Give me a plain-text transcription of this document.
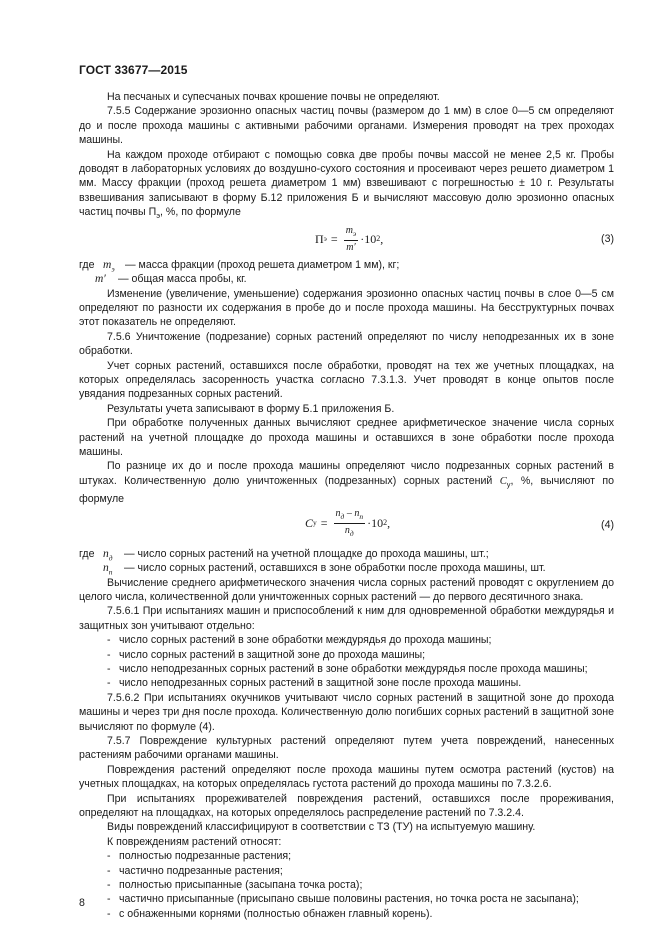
ГОСТ 33677—2015

На песчаных и супесчаных почвах крошение почвы не определяют.

7.5.5 Содержание эрозионно опасных частиц почвы (размером до 1 мм) в слое 0—5 см определяют до и после прохода машины с активными рабочими органами. Измерения проводят на трех проходах машины.

На каждом проходе отбирают с помощью совка две пробы почвы массой не менее 2,5 кг. Пробы доводят в лабораторных условиях до воздушно-сухого состояния и просеивают через решето диаметром 1 мм. Массу фракции (проход решета диаметром 1 мм) взвешивают с погрешностью ± 10 г. Результаты взвешивания записывают в форму Б.12 приложения Б и вычисляют массовую долю эрозионно опасных частиц почвы $П_э$, %, по формуле

П $э = \frac{m_э}{m'} \cdot 10$ 2 ,	(3)
где $m_э$ — масса фракции (проход решета диаметром 1 мм), кг;
m′ — общая масса пробы, кг.

Изменение (увеличение, уменьшение) содержания эрозионно опасных частиц почвы в слое 0—5 см определяют по разности их содержания в пробе до и после прохода машины. На бесструктурных почвах этот показатель не определяют.

7.5.6 Уничтожение (подрезание) сорных растений определяют по числу неподрезанных их в зоне обработки.

Учет сорных растений, оставшихся после обработки, проводят на тех же учетных площадках, на которых определялась засоренность участка согласно 7.3.1.3. Учет проводят в конце опытов после увядания подрезанных сорных растений.

Результаты учета записывают в форму Б.1 приложения Б.

При обработке полученных данных вычисляют среднее арифметическое значение числа сорных растений на учетной площадке до прохода машины и оставшихся в зоне обработки после прохода машины.

По разнице их до и после прохода машины определяют число подрезанных сорных растений в штуках. Количественную долю уничтоженных (подрезанных) сорных растений $C_у$, %, вычисляют по формуле

C $у = \frac{n_д - n_п}{n_д} \cdot 10$ 2 ,	(4)
где $n_д$ — число сорных растений на учетной площадке до прохода машины, шт.;
$n_п$ — число сорных растений, оставшихся в зоне обработки после прохода машины, шт.

Вычисление среднего арифметического значения числа сорных растений проводят с округлением до целого числа, количественной доли уничтоженных сорных растений — до первого десятичного знака.

7.5.6.1 При испытаниях машин и приспособлений к ним для одновременной обработки междурядья и защитных зон учитывают отдельно:

- число сорных растений в зоне обработки междурядья до прохода машины;
- число сорных растений в защитной зоне до прохода машины;
- число неподрезанных сорных растений в зоне обработки междурядья после прохода машины;
- число неподрезанных сорных растений в защитной зоне после прохода машины.

7.5.6.2 При испытаниях окучников учитывают число сорных растений в защитной зоне до прохода машины и через три дня после прохода. Количественную долю погибших сорных растений в защитной зоне вычисляют по формуле (4).

7.5.7 Повреждение культурных растений определяют путем учета повреждений, нанесенных растениям рабочими органами машины.

Повреждения растений определяют после прохода машины путем осмотра растений (кустов) на учетных площадках, на которых определялась густота растений до прохода машины по 7.3.2.6.

При испытаниях прореживателей повреждения растений, оставшихся после прореживания, определяют на площадках, на которых определялось распределение растений по 7.3.2.4.

Виды повреждений классифицируют в соответствии с ТЗ (ТУ) на испытуемую машину.

К повреждениям растений относят:

- полностью подрезанные растения;
- частично подрезанные растения;
- полностью присыпанные (засыпана точка роста);
- частично присыпанные (присыпано свыше половины растения, но точка роста не засыпана);
- с обнаженными корнями (полностью обнажен главный корень).
8
